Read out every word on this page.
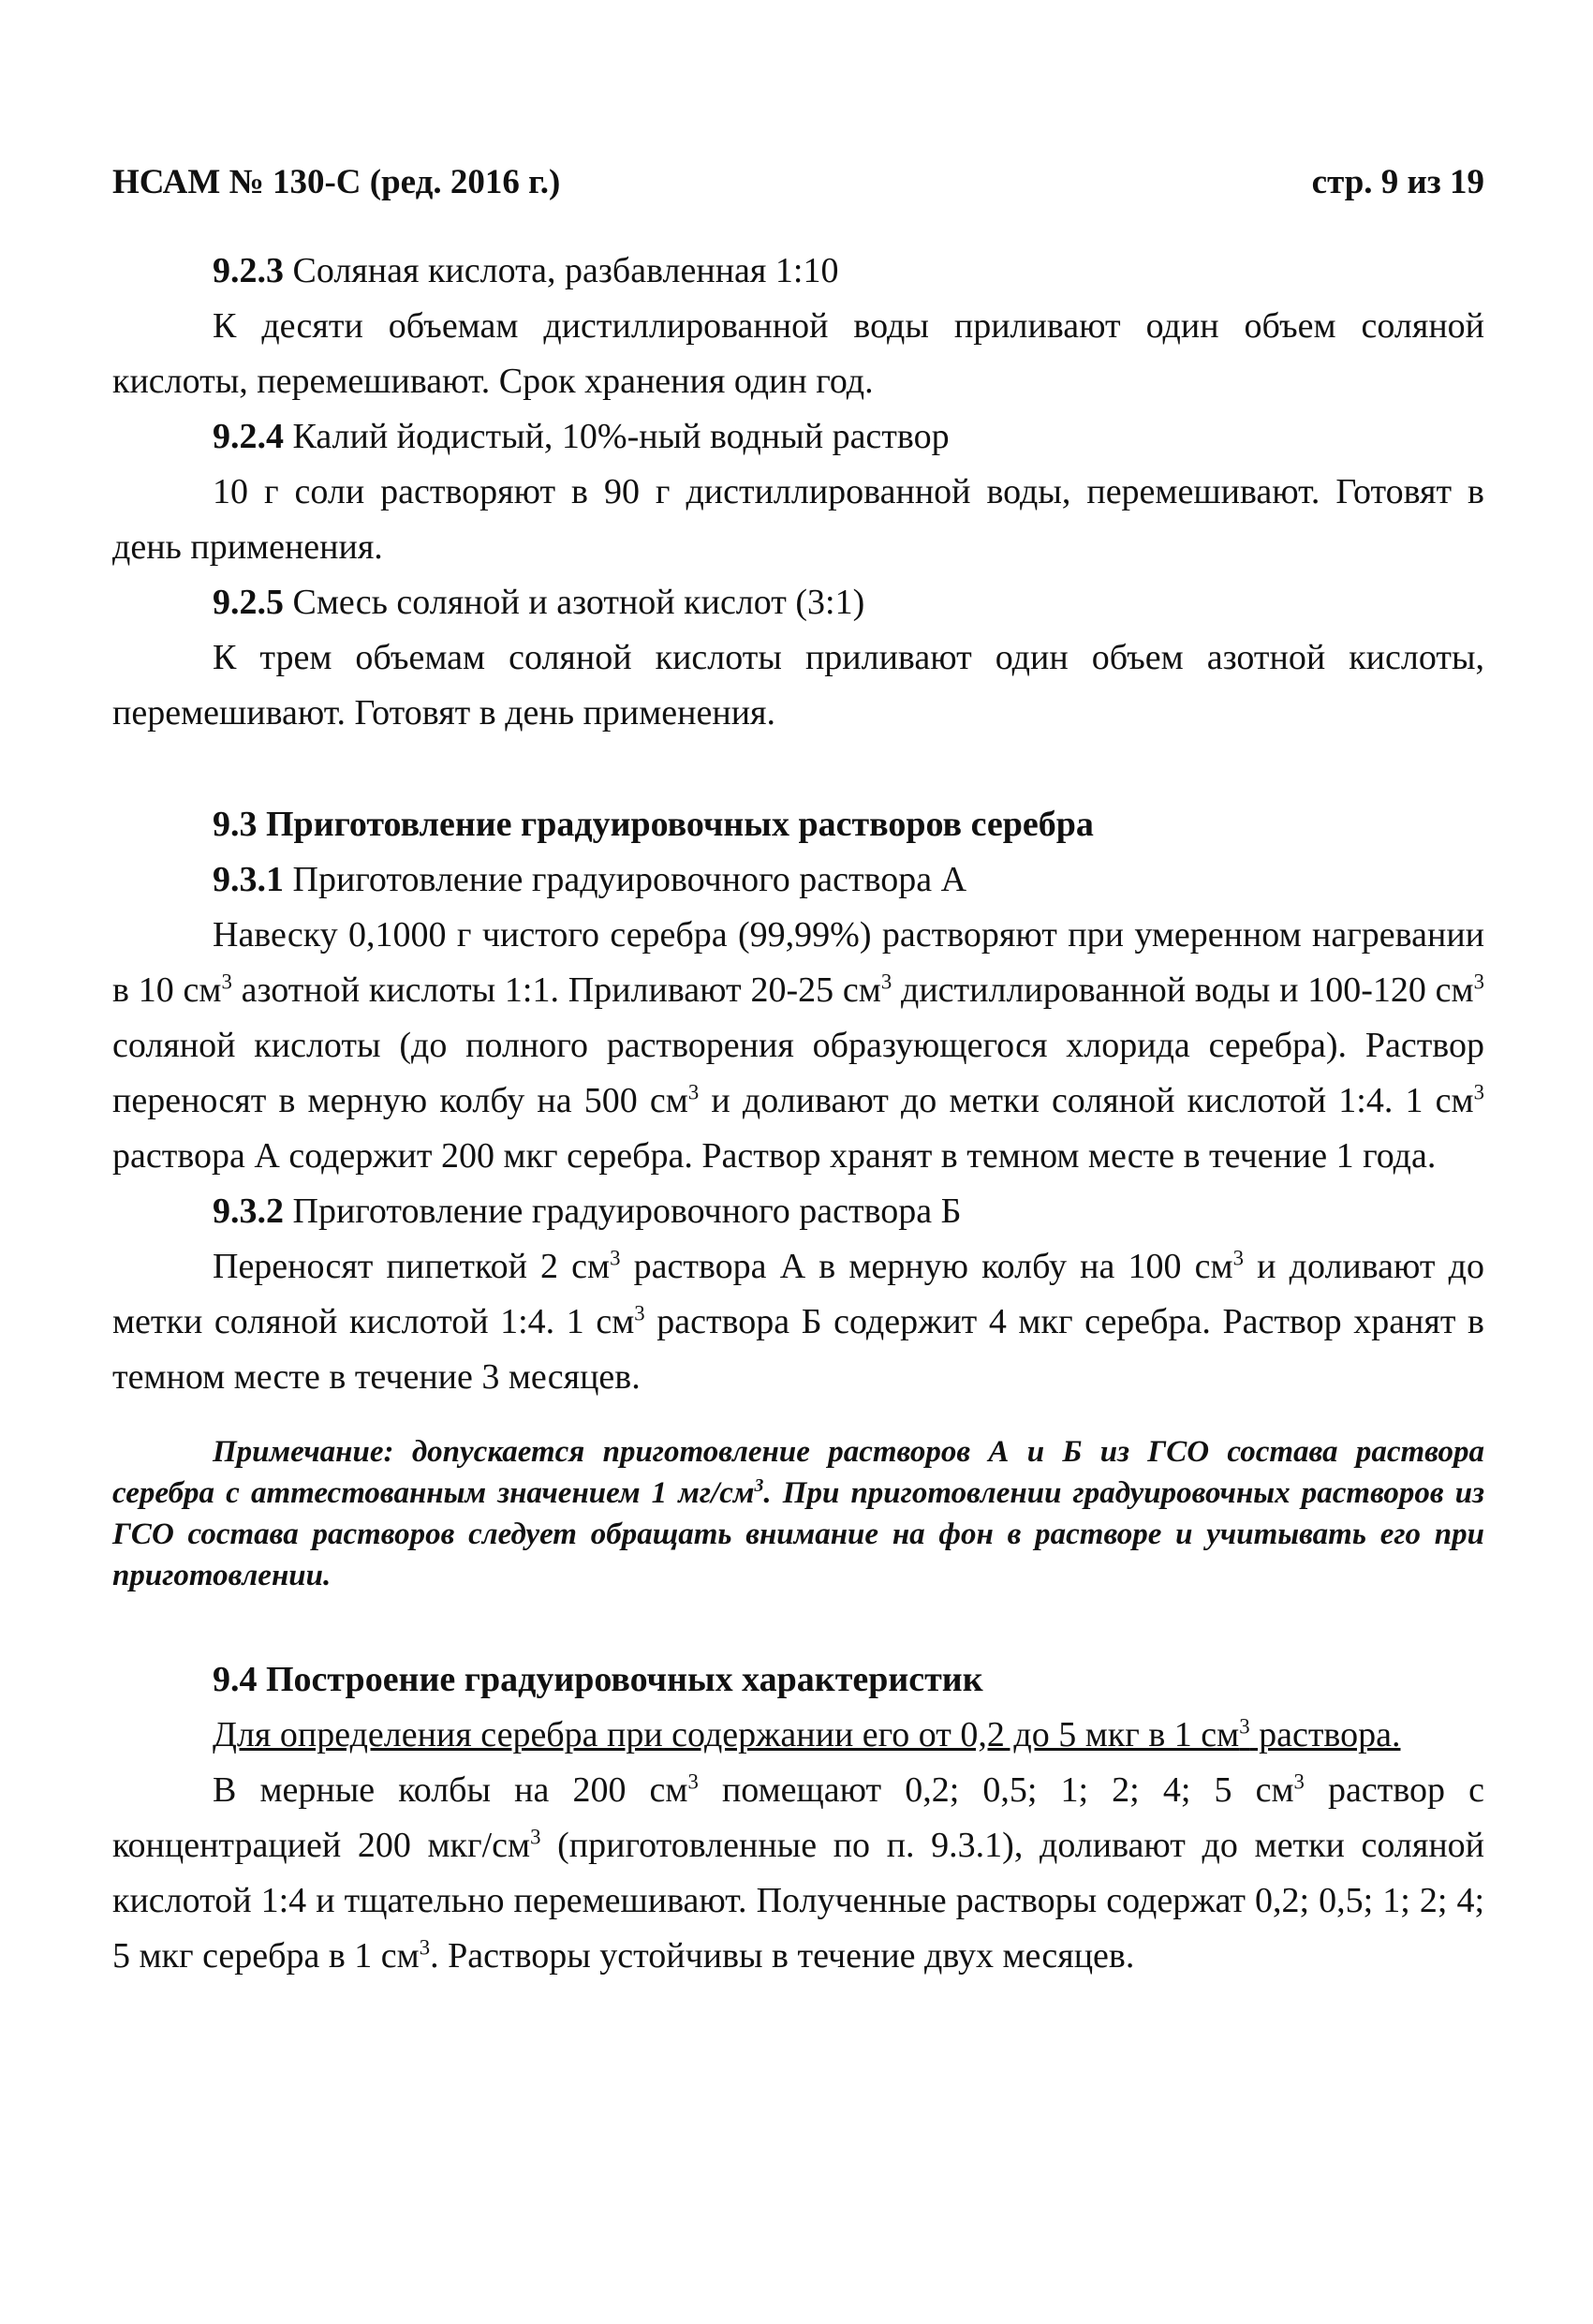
НСАМ № 130-С (ред. 2016 г.)	стр. 9 из 19

9.2.3 Соляная кислота, разбавленная 1:10

К десяти объемам дистиллированной воды приливают один объем соляной кислоты, перемешивают. Срок хранения один год.

9.2.4 Калий йодистый, 10%-ный водный раствор

10 г соли растворяют в 90 г дистиллированной воды, перемешивают. Готовят в день применения.

9.2.5 Смесь соляной и азотной кислот (3:1)

К трем объемам соляной кислоты приливают один объем азотной кислоты, перемешивают. Готовят в день применения.

9.3 Приготовление градуировочных растворов серебра

9.3.1 Приготовление градуировочного раствора А

Навеску 0,1000 г чистого серебра (99,99%) растворяют при умеренном нагревании в 10 $см^3$ азотной кислоты 1:1. Приливают 20-25 $см^3$ дистиллированной воды и 100-120 $см^3$ соляной кислоты (до полного растворения образующегося хлорида серебра). Раствор переносят в мерную колбу на 500 $см^3$ и доливают до метки соляной кислотой 1:4. 1 $см^3$ раствора А содержит 200 мкг серебра. Раствор хранят в темном месте в течение 1 года.

9.3.2 Приготовление градуировочного раствора Б

Переносят пипеткой 2 $см^3$ раствора А в мерную колбу на 100 $см^3$ и доливают до метки соляной кислотой 1:4. 1 $см^3$ раствора Б содержит 4 мкг серебра. Раствор хранят в темном месте в течение 3 месяцев.

Примечание: допускается приготовление растворов А и Б из ГСО состава раствора серебра с аттестованным значением 1 $мг/см^3$. При приготовлении градуировочных растворов из ГСО состава растворов следует обращать внимание на фон в растворе и учитывать его при приготовлении.

9.4 Построение градуировочных характеристик

Для определения серебра при содержании его от 0,2 до 5 мкг в 1 $см^3$ раствора.

В мерные колбы на 200 $см^3$ помещают 0,2; 0,5; 1; 2; 4; 5 $см^3$ раствор с концентрацией 200 мкг/$см^3$ (приготовленные по п. 9.3.1), доливают до метки соляной кислотой 1:4 и тщательно перемешивают. Полученные растворы содержат 0,2; 0,5; 1; 2; 4; 5 мкг серебра в 1 $см^3$. Растворы устойчивы в течение двух месяцев.
